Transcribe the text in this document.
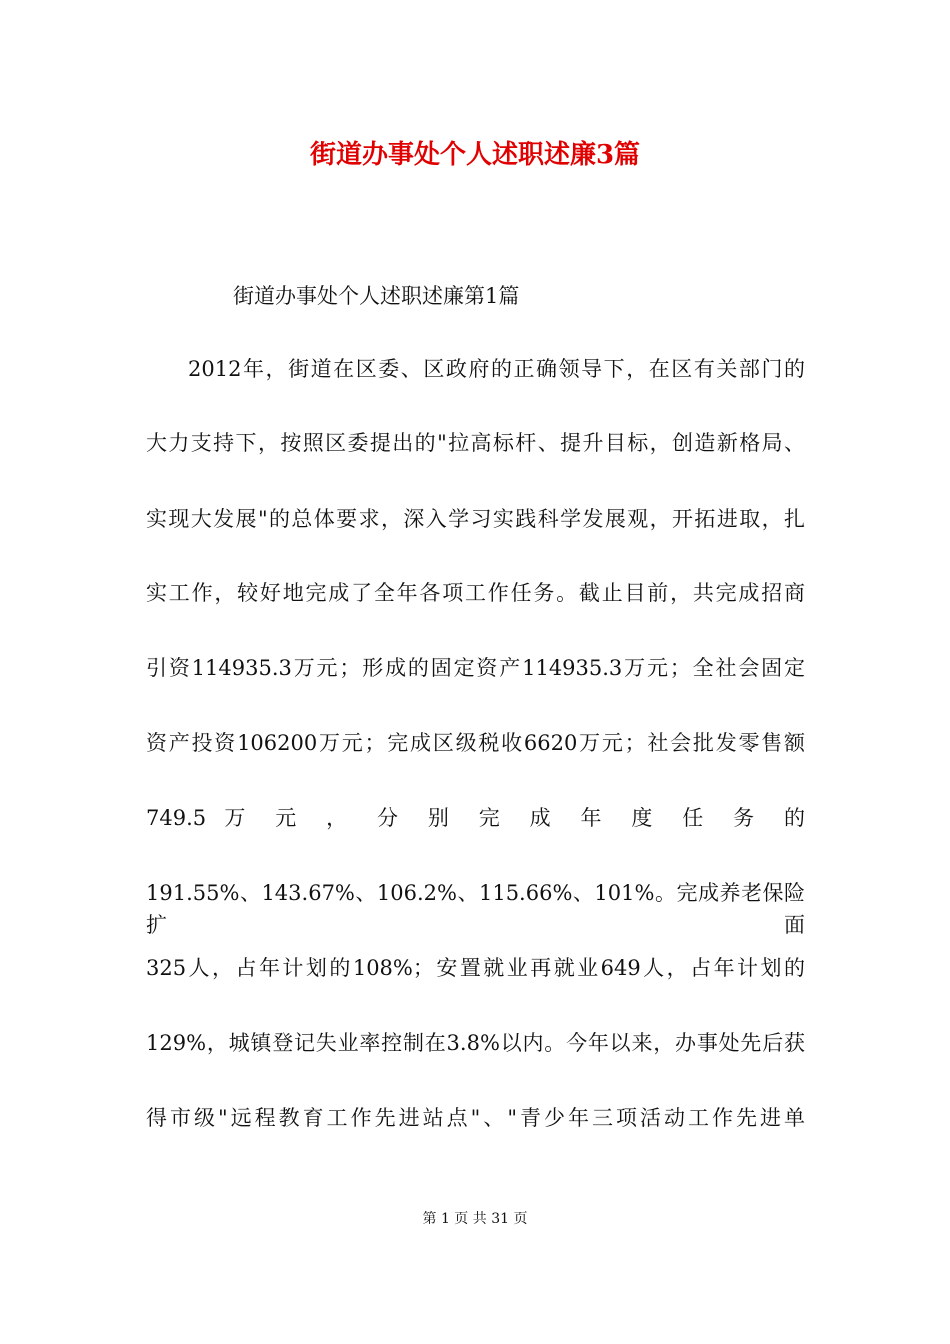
街道办事处个人述职述廉3篇
街道办事处个人述职述廉第1篇
2012年，街道在区委、区政府的正确领导下，在区有关部门的
大力支持下，按照区委提出的"拉高标杆、提升目标，创造新格局、
实现大发展"的总体要求，深入学习实践科学发展观，开拓进取，扎
实工作，较好地完成了全年各项工作任务。截止目前，共完成招商
引资114935.3万元；形成的固定资产114935.3万元；全社会固定
资产投资106200万元；完成区级税收6620万元；社会批发零售额
749.5 万 元 ， 分 别 完 成 年 度 任 务 的
191.55%、143.67%、106.2%、115.66%、101%。完成养老保险扩面
325人，占年计划的108%；安置就业再就业649人，占年计划的
129%，城镇登记失业率控制在3.8%以内。今年以来，办事处先后获
得市级"远程教育工作先进站点"、"青少年三项活动工作先进单
第 1 页 共 31 页
